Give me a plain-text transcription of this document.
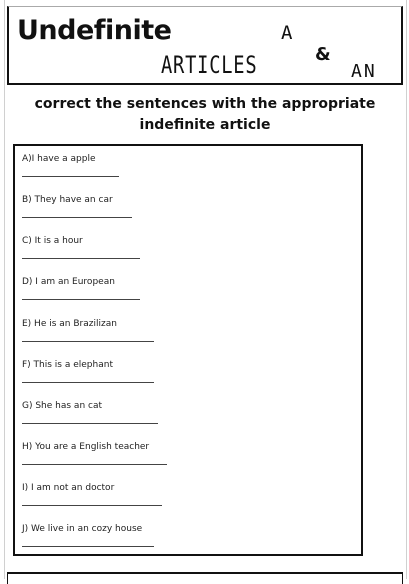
Undefinite
ARTICLES
A
&
AN
correct the sentences with the appropriate
indefinite article
A)I have a apple
B) They have an car
C) It is a hour
D) I am an European
E) He is an Brazilizan
F) This is a elephant
G) She has an cat
H) You are a English teacher
I) I am not an doctor
J) We live in an cozy house
